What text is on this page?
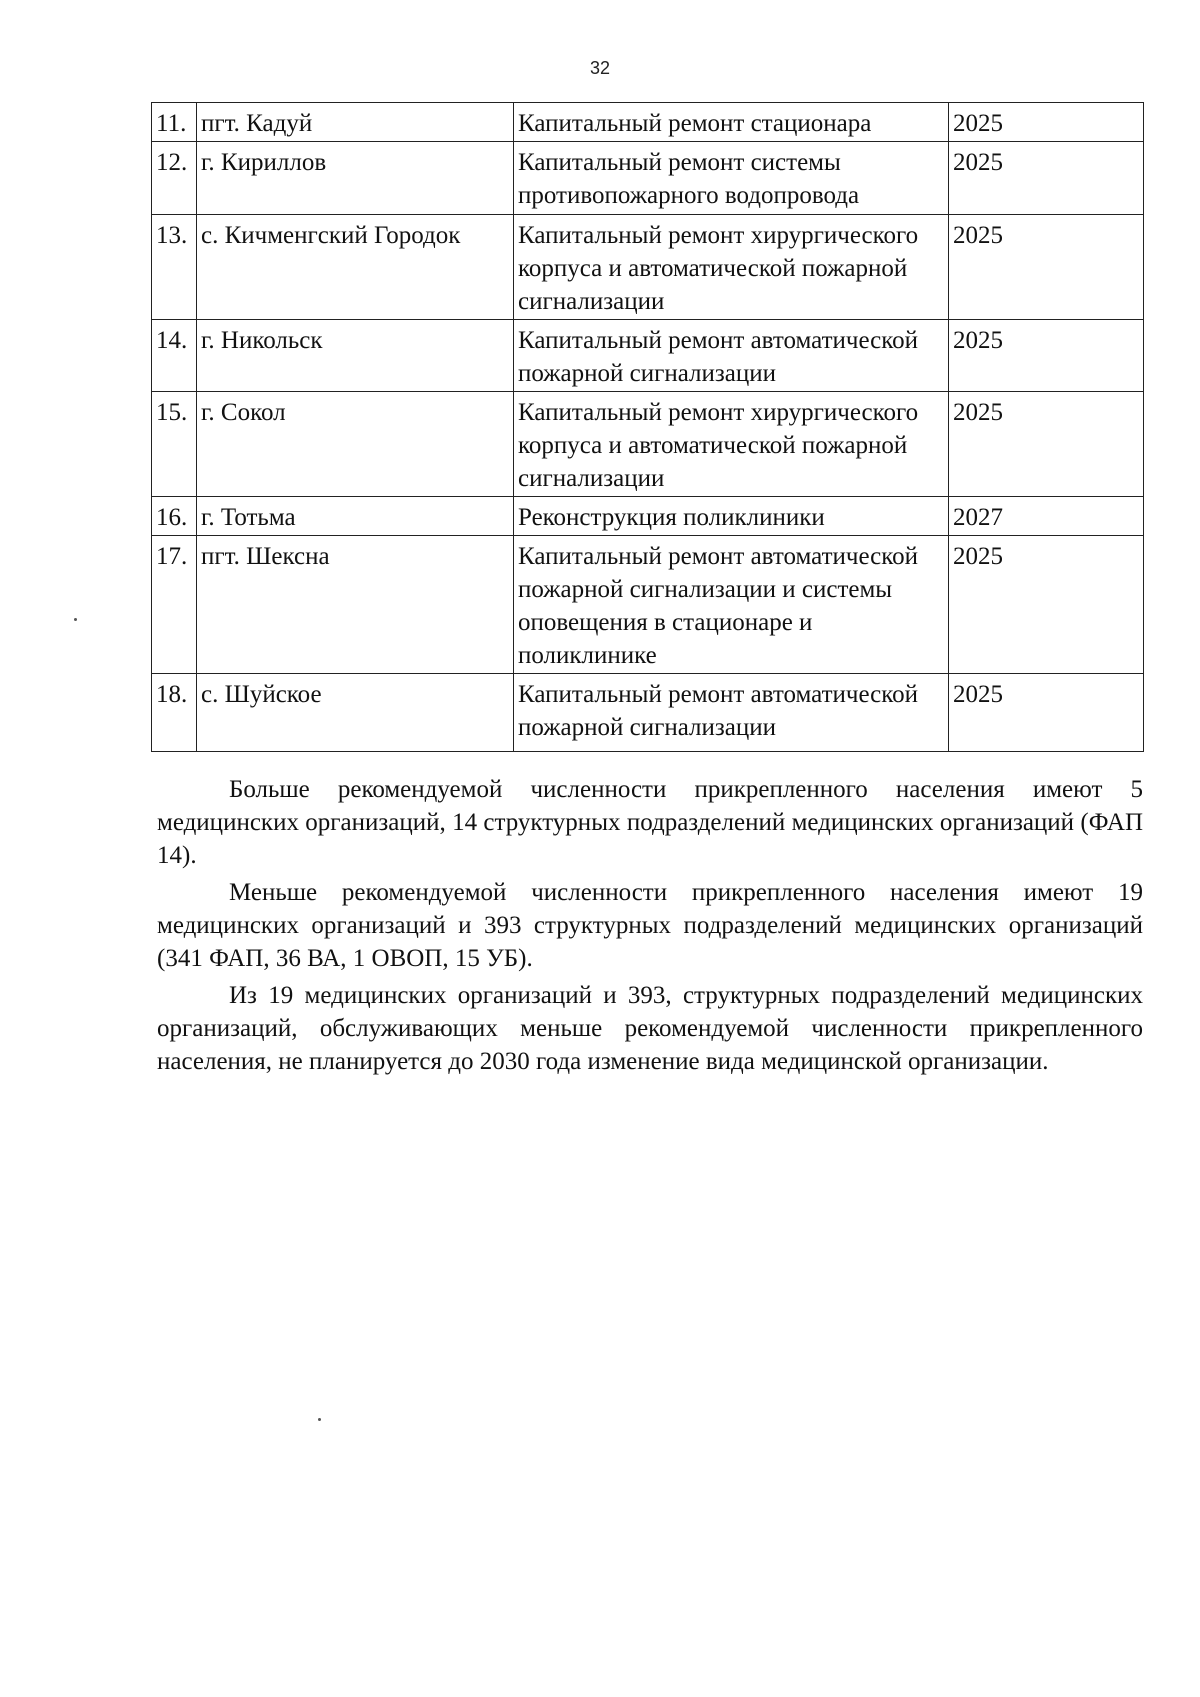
32
11.	пгт. Кадуй	Капитальный ремонт стационара	2025
12.	г. Кириллов	Капитальный ремонт системы противопожарного водопровода	2025
13.	с. Кичменгский Городок	Капитальный ремонт хирургического корпуса и автоматической пожарной сигнализации	2025
14.	г. Никольск	Капитальный ремонт автоматической пожарной сигнализации	2025
15.	г. Сокол	Капитальный ремонт хирургического корпуса и автоматической пожарной сигнализации	2025
16.	г. Тотьма	Реконструкция поликлиники	2027
17.	пгт. Шексна	Капитальный ремонт автоматической пожарной сигнализации и системы оповещения в стационаре и поликлинике	2025
18.	с. Шуйское	Капитальный ремонт автоматической пожарной сигнализации	2025

Больше рекомендуемой численности прикрепленного населения имеют 5 медицинских организаций, 14 структурных подразделений медицинских организаций (ФАП 14).

Меньше рекомендуемой численности прикрепленного населения имеют 19 медицинских организаций и 393 структурных подразделений медицинских организаций (341 ФАП, 36 ВА, 1 ОВОП, 15 УБ).

Из 19 медицинских организаций и 393, структурных подразделений медицинских организаций, обслуживающих меньше рекомендуемой численности прикрепленного населения, не планируется до 2030 года изменение вида медицинской организации.
